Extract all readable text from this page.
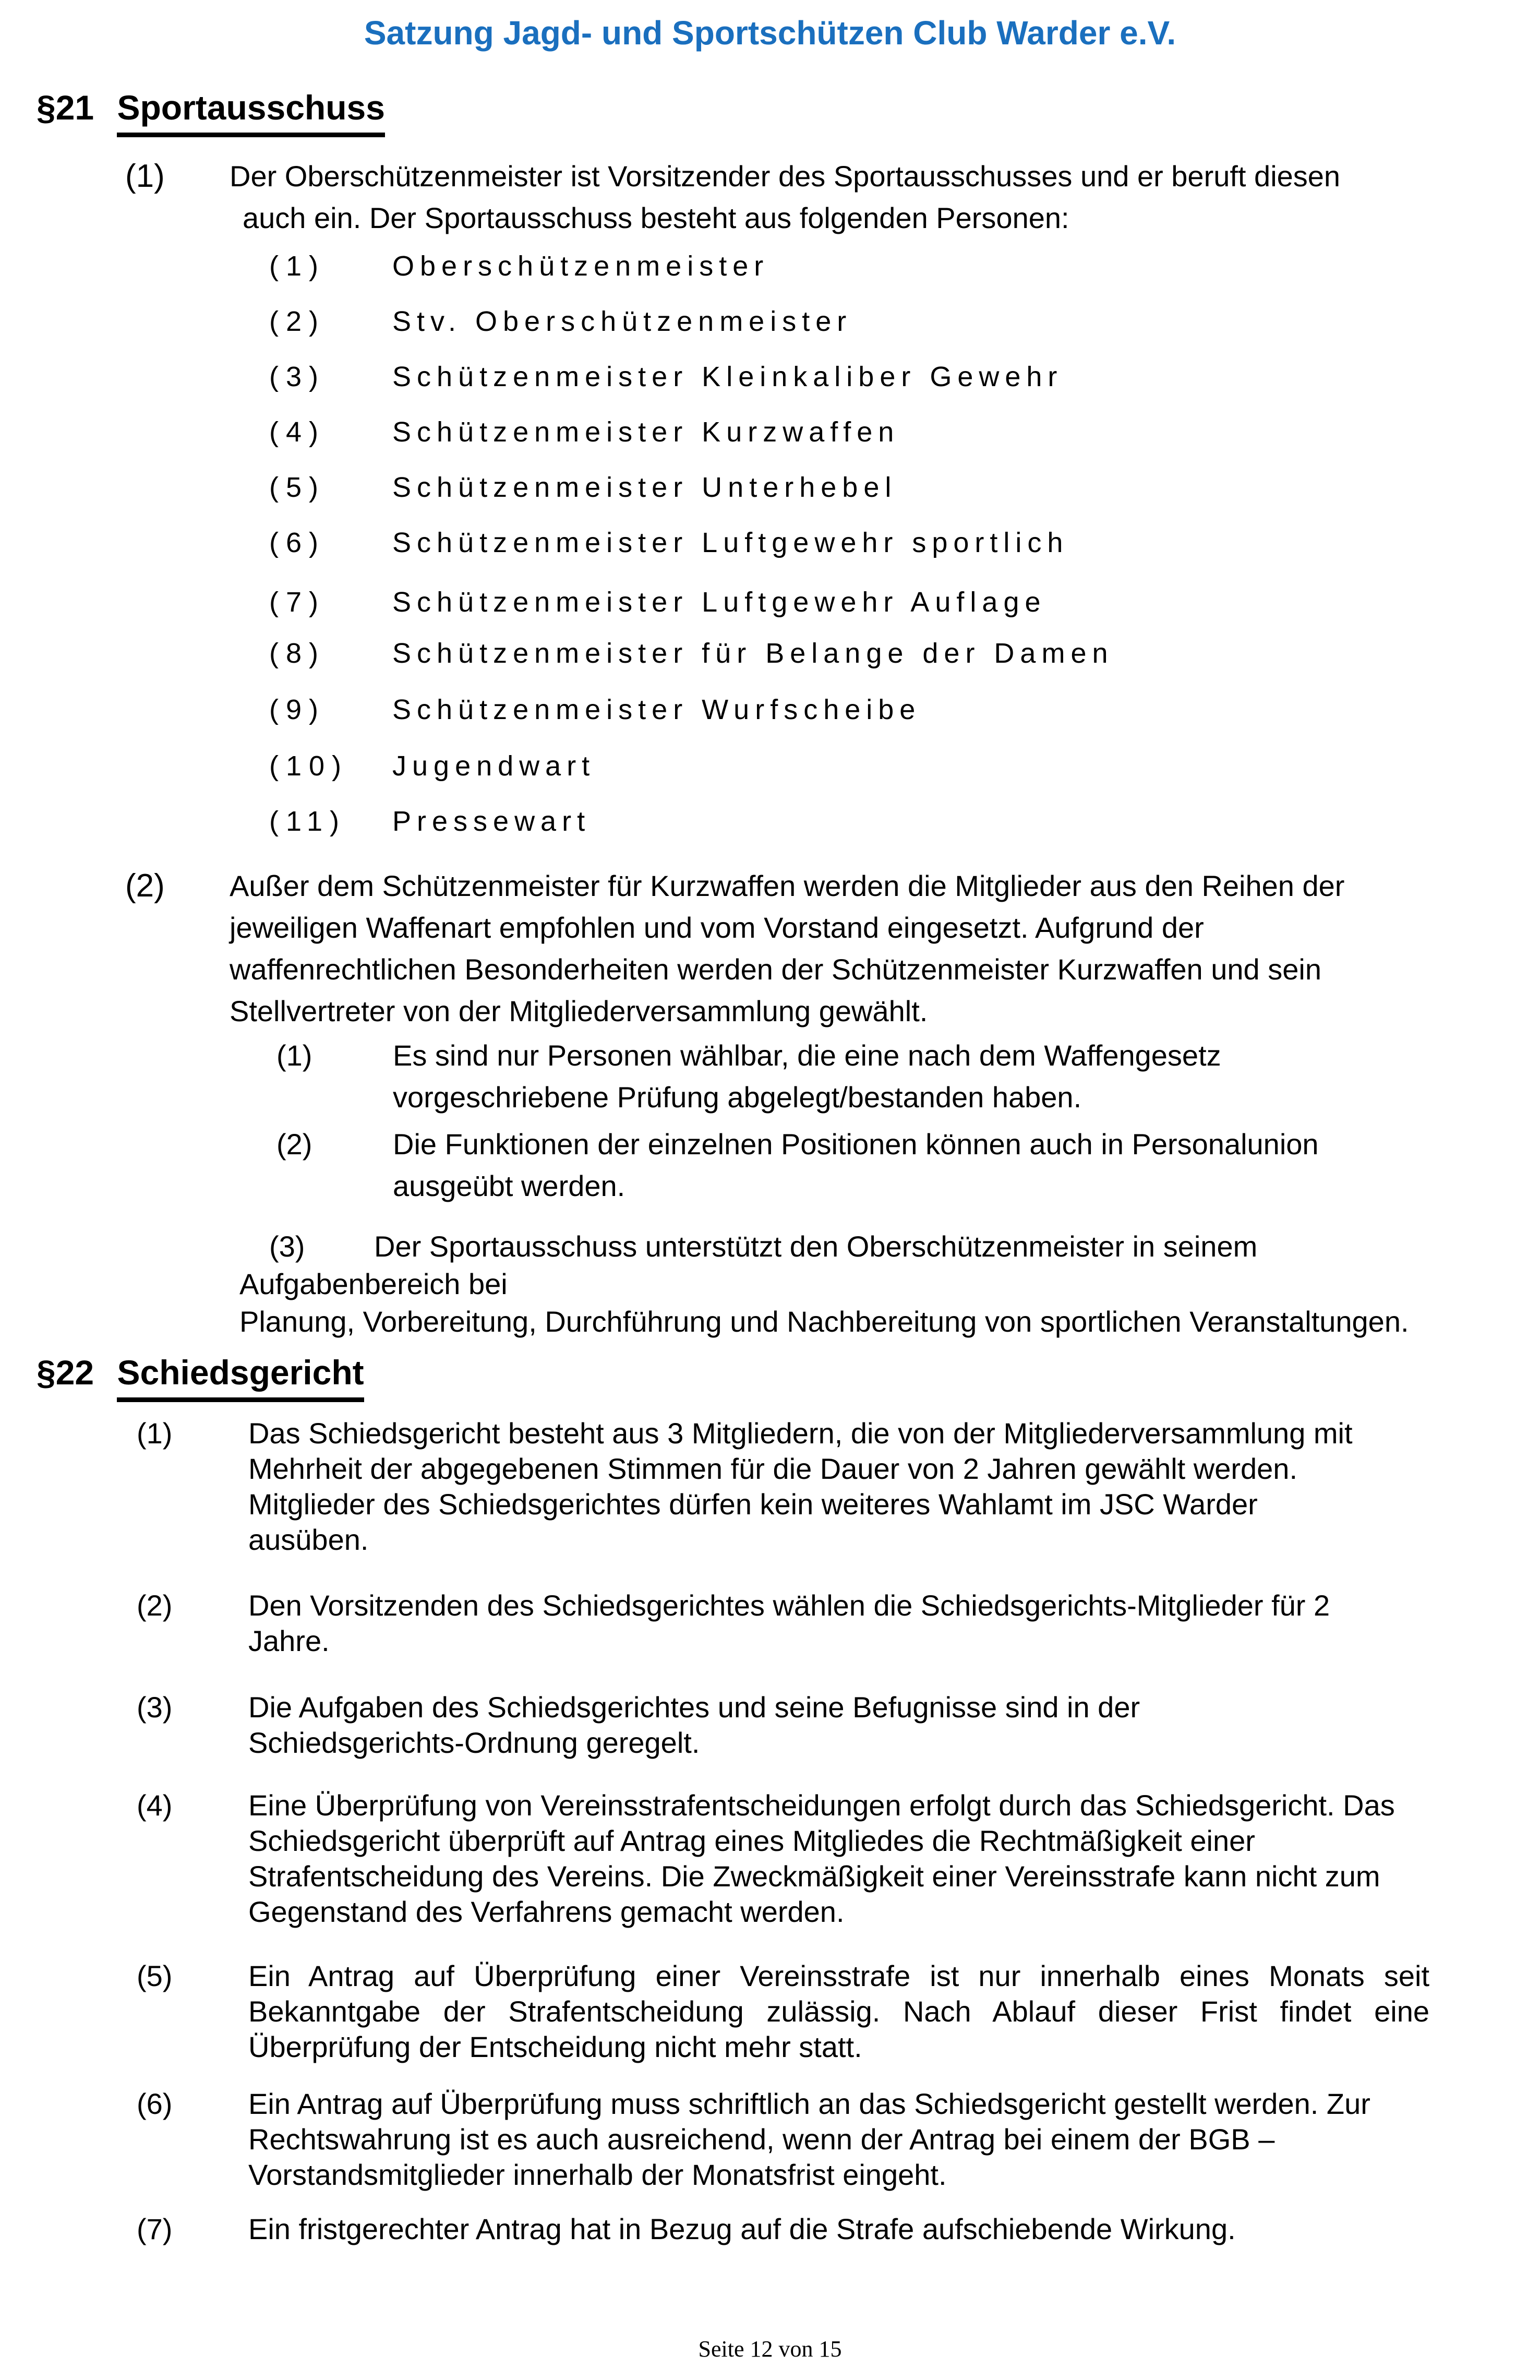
Satzung Jagd- und Sportschützen Club Warder e.V.
§21 Sportausschuss
(1) Der Oberschützenmeister ist Vorsitzender des Sportausschusses und er beruft diesen
auch ein. Der Sportausschuss besteht aus folgenden Personen:
(1) Oberschützenmeister
(2) Stv. Oberschützenmeister
(3) Schützenmeister Kleinkaliber Gewehr
(4) Schützenmeister Kurzwaffen
(5) Schützenmeister Unterhebel
(6) Schützenmeister Luftgewehr sportlich
(7) Schützenmeister Luftgewehr Auflage
(8) Schützenmeister für Belange der Damen
(9) Schützenmeister Wurfscheibe
(10) Jugendwart
(11) Pressewart
(2) Außer dem Schützenmeister für Kurzwaffen werden die Mitglieder aus den Reihen der
jeweiligen Waffenart empfohlen und vom Vorstand eingesetzt. Aufgrund der
waffenrechtlichen Besonderheiten werden der Schützenmeister Kurzwaffen und sein
Stellvertreter von der Mitgliederversammlung gewählt.
(1)	Es sind nur Personen wählbar, die eine nach dem Waffengesetz
vorgeschriebene Prüfung abgelegt/bestanden haben.
(2)	Die Funktionen der einzelnen Positionen können auch in Personalunion
ausgeübt werden.
(3) Der Sportausschuss unterstützt den Oberschützenmeister in seinem
Aufgabenbereich bei
Planung, Vorbereitung, Durchführung und Nachbereitung von sportlichen Veranstaltungen.
§22 Schiedsgericht
(1)	Das Schiedsgericht besteht aus 3 Mitgliedern, die von der Mitgliederversammlung mit
Mehrheit der abgegebenen Stimmen für die Dauer von 2 Jahren gewählt werden.
Mitglieder des Schiedsgerichtes dürfen kein weiteres Wahlamt im JSC Warder
ausüben.
(2)	Den Vorsitzenden des Schiedsgerichtes wählen die Schiedsgerichts-Mitglieder für 2
Jahre.
(3)	Die Aufgaben des Schiedsgerichtes und seine Befugnisse sind in der
Schiedsgerichts-Ordnung geregelt.
(4)	Eine Überprüfung von Vereinsstrafentscheidungen erfolgt durch das Schiedsgericht. Das
Schiedsgericht überprüft auf Antrag eines Mitgliedes die Rechtmäßigkeit einer
Strafentscheidung des Vereins. Die Zweckmäßigkeit einer Vereinsstrafe kann nicht zum
Gegenstand des Verfahrens gemacht werden.
(5)	Ein Antrag auf Überprüfung einer Vereinsstrafe ist nur innerhalb eines Monats seit
Bekanntgabe der Strafentscheidung zulässig. Nach Ablauf dieser Frist findet eine
Überprüfung der Entscheidung nicht mehr statt.
(6)	Ein Antrag auf Überprüfung muss schriftlich an das Schiedsgericht gestellt werden. Zur
Rechtswahrung ist es auch ausreichend, wenn der Antrag bei einem der BGB –
Vorstandsmitglieder innerhalb der Monatsfrist eingeht.
(7)	Ein fristgerechter Antrag hat in Bezug auf die Strafe aufschiebende Wirkung.
Seite 12 von 15
